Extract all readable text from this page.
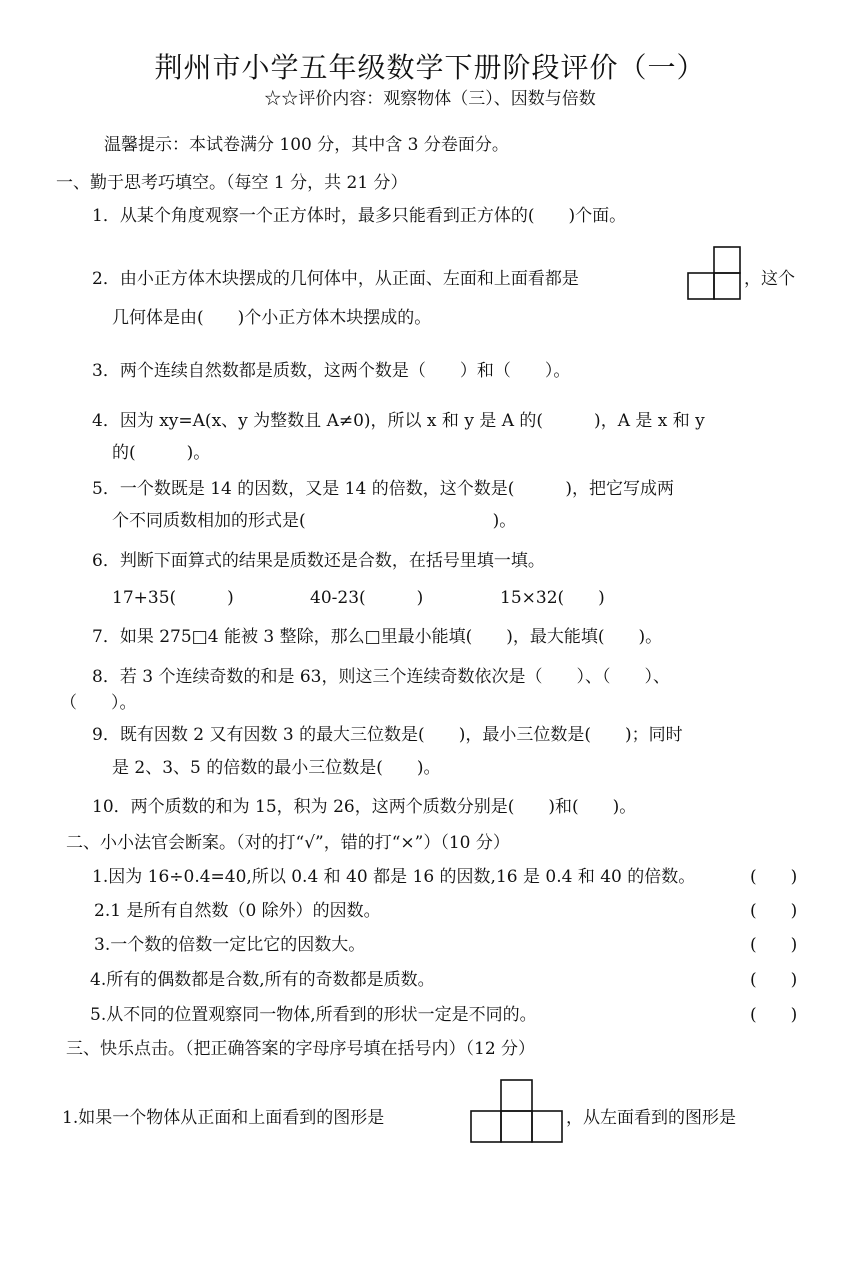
荆州市小学五年级数学下册阶段评价（一）
☆☆评价内容：观察物体（三）、因数与倍数
温馨提示：本试卷满分 100 分，其中含 3 分卷面分。
一、勤于思考巧填空。（每空 1 分，共 21 分）
1．从某个角度观察一个正方体时，最多只能看到正方体的(　　)个面。
2．由小正方体木块摆成的几何体中，从正面、左面和上面看都是	，这个
几何体是由(　　)个小正方体木块摆成的。
3．两个连续自然数都是质数，这两个数是（　　）和（　　）。
4．因为 xy=A(x、y 为整数且 A≠0)，所以 x 和 y 是 A 的(　　　)，A 是 x 和 y
的(　　　)。
5．一个数既是 14 的因数，又是 14 的倍数，这个数是(　　　)，把它写成两
个不同质数相加的形式是(　　　　　　　　　　　)。
6．判断下面算式的结果是质数还是合数，在括号里填一填。
17+35(　　　)	40-23(　　　)	15×32(　　)
7．如果 275□4 能被 3 整除，那么□里最小能填(　　)，最大能填(　　)。
8．若 3 个连续奇数的和是 63，则这三个连续奇数依次是（　　）、（　　）、
（　　）。
9．既有因数 2 又有因数 3 的最大三位数是(　　)，最小三位数是(　　)；同时
是 2、3、5 的倍数的最小三位数是(　　)。
10．两个质数的和为 15，积为 26，这两个质数分别是(　　)和(　　)。
二、小小法官会断案。（对的打“√”，错的打“×”）（10 分）
1.因为 16÷0.4=40,所以 0.4 和 40 都是 16 的因数,16 是 0.4 和 40 的倍数。	(　　)
2.1 是所有自然数（0 除外）的因数。	(　　)
3.一个数的倍数一定比它的因数大。	(　　)
4.所有的偶数都是合数,所有的奇数都是质数。	(　　)
5.从不同的位置观察同一物体,所看到的形状一定是不同的。	(　　)
三、快乐点击。（把正确答案的字母序号填在括号内）（12 分）
1.如果一个物体从正面和上面看到的图形是	，从左面看到的图形是
